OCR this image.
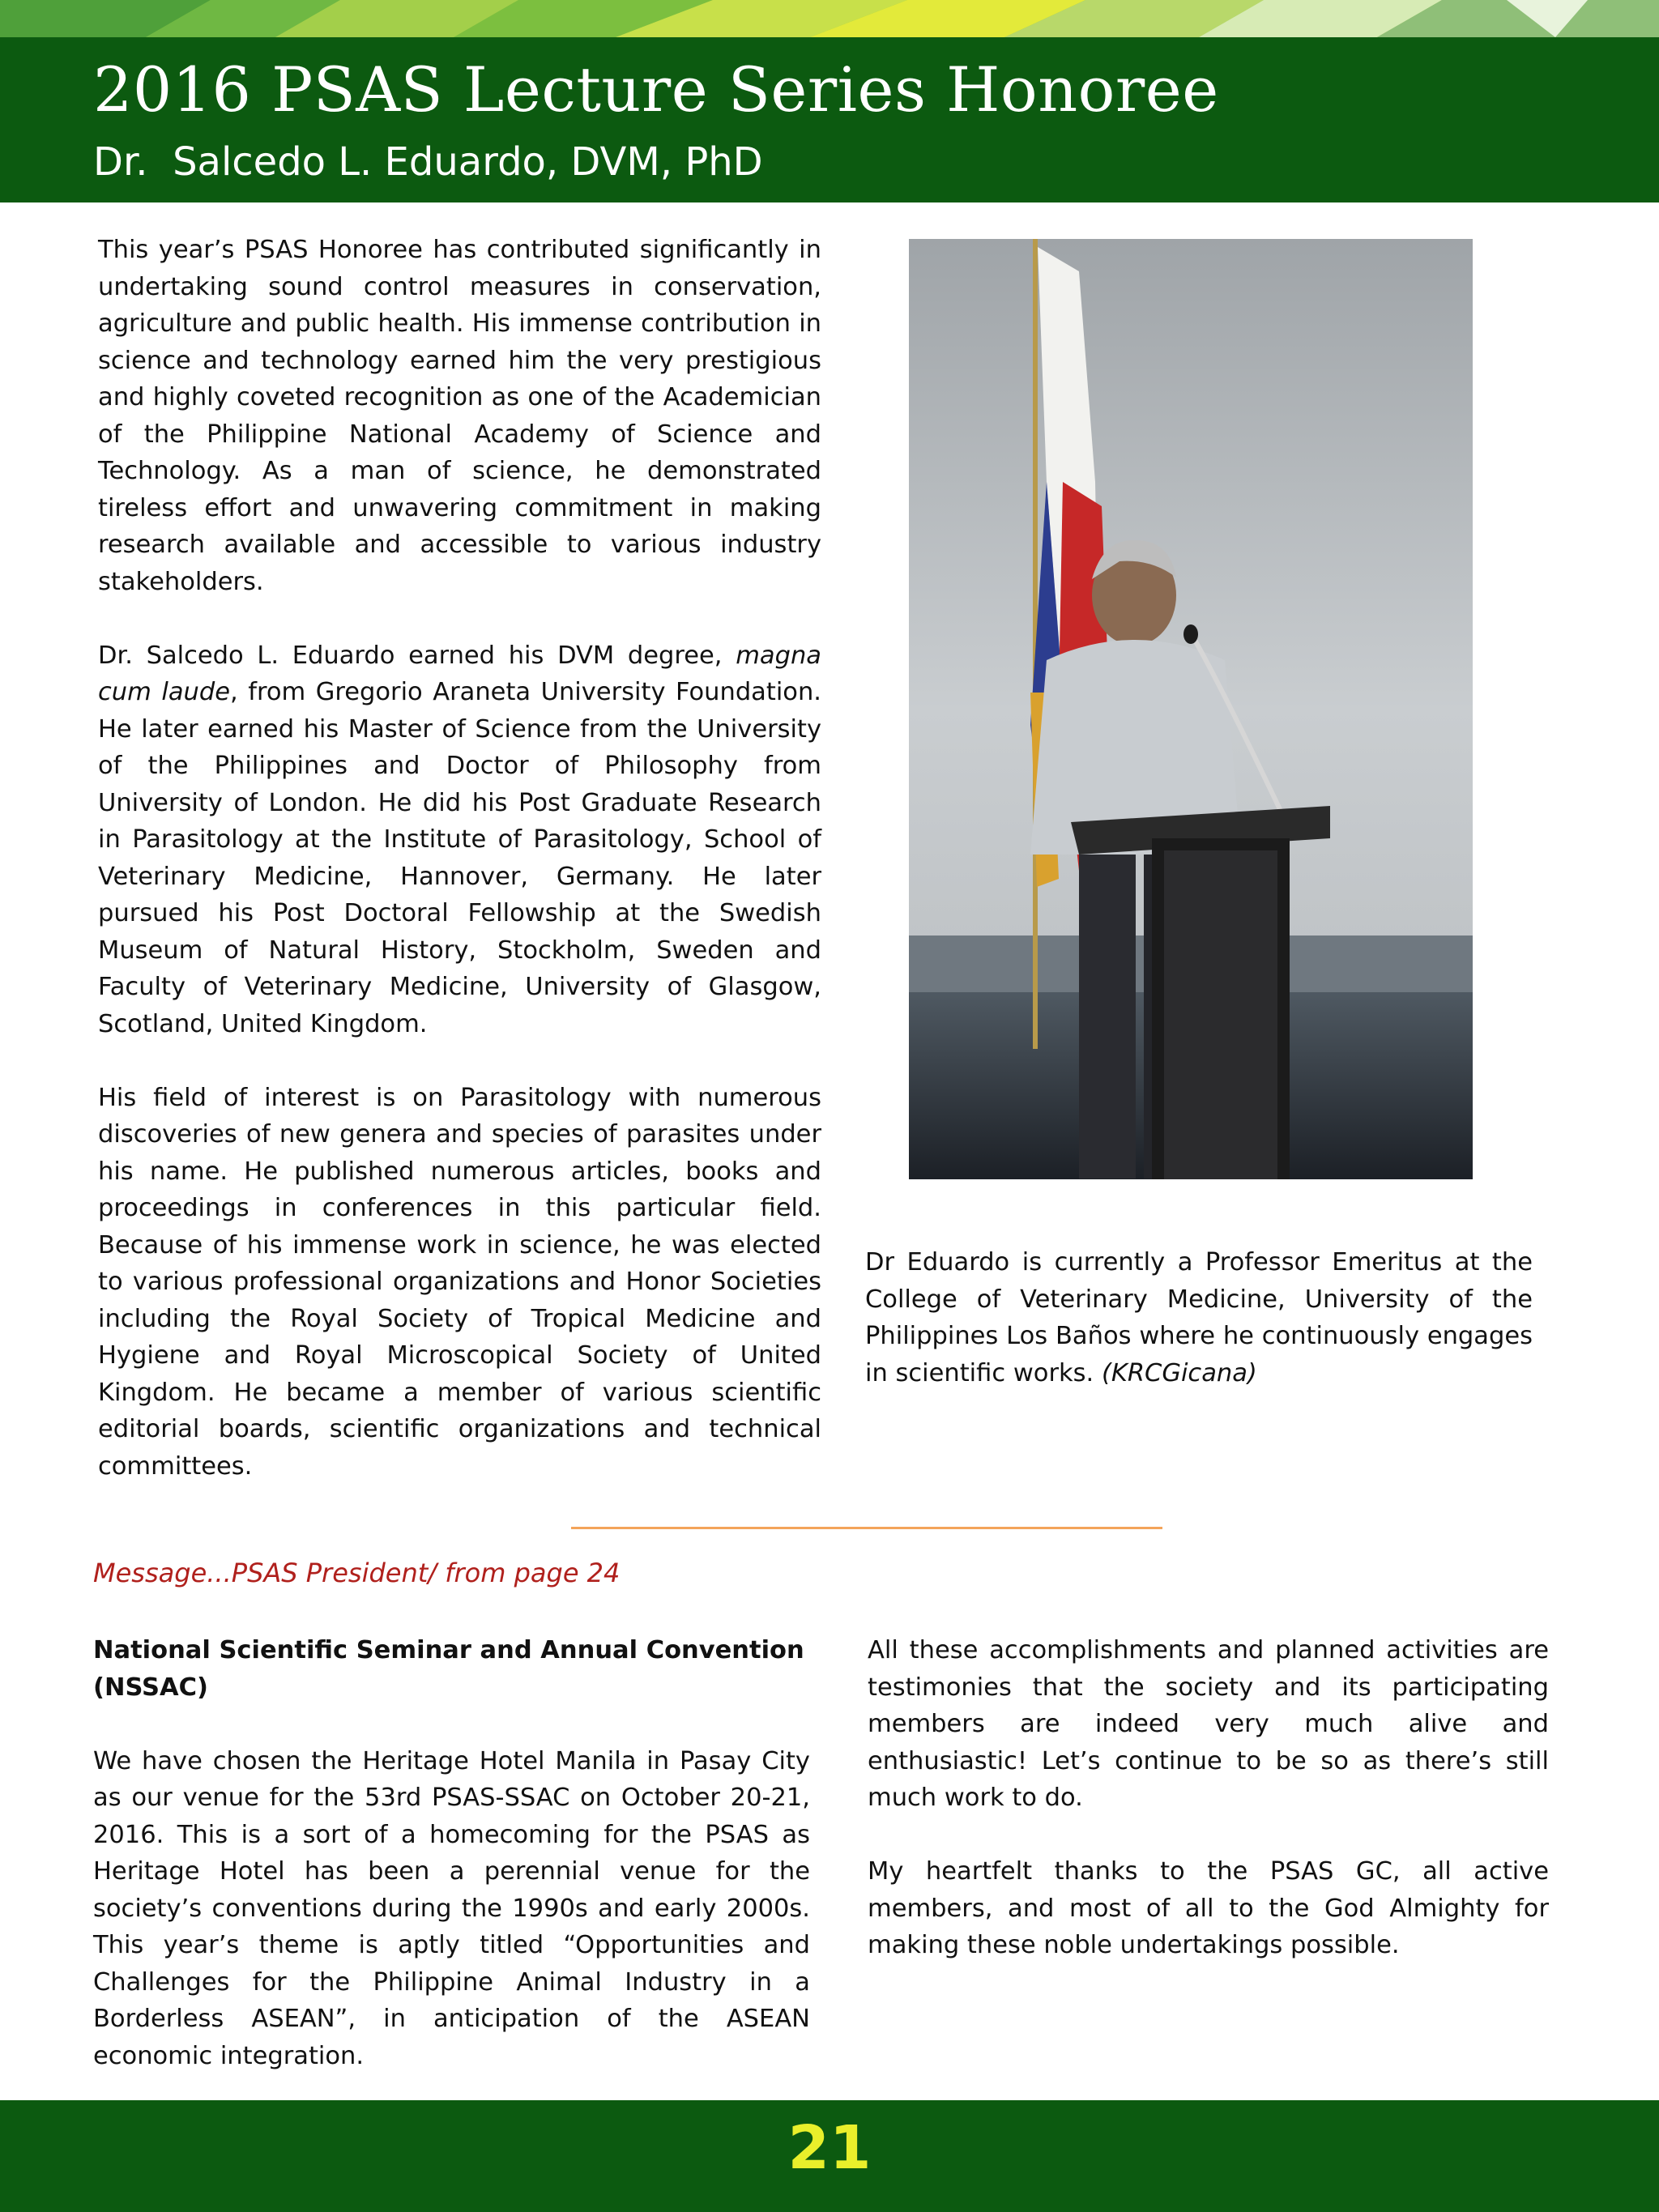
2016 PSAS Lecture Series Honoree
Dr.  Salcedo L. Eduardo, DVM, PhD

This year’s PSAS Honoree has contributed significantly in undertaking sound control measures in conservation, agriculture and public health. His immense contribution in science and technology earned him the very prestigious and highly coveted recognition as one of the Academician of the Philippine National Academy of Science and Technology. As a man of science, he demonstrated tireless effort and unwavering commitment in making research available and accessible to various industry stakeholders.

Dr. Salcedo L. Eduardo earned his DVM degree, magna cum laude, from Gregorio Araneta University Foundation. He later earned his Master of Science from the University of the Philippines and Doctor of Philosophy from University of London. He did his Post Graduate Research in Parasitology at the Institute of Parasitology, School of Veterinary Medicine, Hannover, Germany. He later pursued his Post Doctoral Fellowship at the Swedish Museum of Natural History, Stockholm, Sweden and Faculty of Veterinary Medicine, University of Glasgow, Scotland, United Kingdom.

His field of interest is on Parasitology with numerous discoveries of new genera and species of parasites under his name. He published numerous articles, books and proceedings in conferences in this particular field. Because of his immense work in science, he was elected to various professional organizations and Honor Societies including the Royal Society of Tropical Medicine and Hygiene and Royal Microscopical Society of United Kingdom. He became a member of various scientific editorial boards, scientific organizations and technical committees.

Dr Eduardo is currently a Professor Emeritus at the College of Veterinary Medicine, University of the Philippines Los Baños where he continuously engages in scientific works. (KRCGicana)

Message...PSAS President/ from page 24

National Scientific Seminar and Annual Convention (NSSAC)

We have chosen the Heritage Hotel Manila in Pasay City as our venue for the 53rd PSAS-SSAC on October 20-21, 2016. This is a sort of a homecoming for the PSAS as Heritage Hotel has been a perennial venue for the society’s conventions during the 1990s and early 2000s. This year’s theme is aptly titled “Opportunities and Challenges for the Philippine Animal Industry in a Borderless ASEAN”, in anticipation of the ASEAN economic integration.

All these accomplishments and planned activities are testimonies that the society and its participating members are indeed very much alive and enthusiastic! Let’s continue to be so as there’s still much work to do.

My heartfelt thanks to the PSAS GC, all active members, and most of all to the God Almighty for making these noble undertakings possible.

21
